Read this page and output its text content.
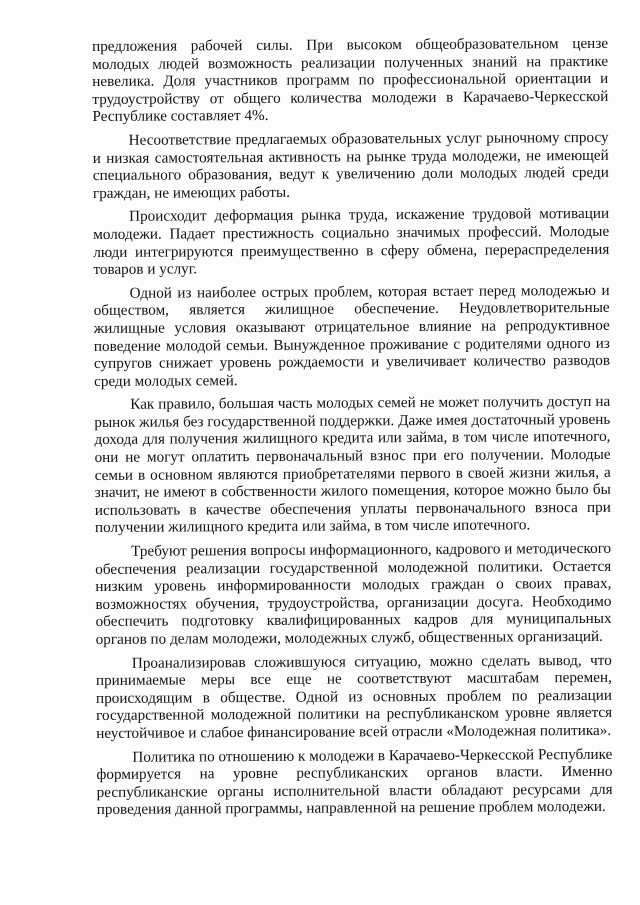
предложения рабочей силы. При высоком общеобразовательном цензе молодых людей возможность реализации полученных знаний на практике невелика. Доля участников программ по профессиональной ориентации и трудоустройству от общего количества молодежи в Карачаево-Черкесской Республике составляет 4%.

Несоответствие предлагаемых образовательных услуг рыночному спросу и низкая самостоятельная активность на рынке труда молодежи, не имеющей специального образования, ведут к увеличению доли молодых людей среди граждан, не имеющих работы.

Происходит деформация рынка труда, искажение трудовой мотивации молодежи. Падает престижность социально значимых профессий. Молодые люди интегрируются преимущественно в сферу обмена, перераспределения товаров и услуг.

Одной из наиболее острых проблем, которая встает перед молодежью и обществом, является жилищное обеспечение. Неудовлетворительные жилищные условия оказывают отрицательное влияние на репродуктивное поведение молодой семьи. Вынужденное проживание с родителями одного из супругов снижает уровень рождаемости и увеличивает количество разводов среди молодых семей.

Как правило, большая часть молодых семей не может получить доступ на рынок жилья без государственной поддержки. Даже имея достаточный уровень дохода для получения жилищного кредита или займа, в том числе ипотечного, они не могут оплатить первоначальный взнос при его получении. Молодые семьи в основном являются приобретателями первого в своей жизни жилья, а значит, не имеют в собственности жилого помещения, которое можно было бы использовать в качестве обеспечения уплаты первоначального взноса при получении жилищного кредита или займа, в том числе ипотечного.

Требуют решения вопросы информационного, кадрового и методического обеспечения реализации государственной молодежной политики. Остается низким уровень информированности молодых граждан о своих правах, возможностях обучения, трудоустройства, организации досуга. Необходимо обеспечить подготовку квалифицированных кадров для муниципальных органов по делам молодежи, молодежных служб, общественных организаций.

Проанализировав сложившуюся ситуацию, можно сделать вывод, что принимаемые меры все еще не соответствуют масштабам перемен, происходящим в обществе. Одной из основных проблем по реализации государственной молодежной политики на республиканском уровне является неустойчивое и слабое финансирование всей отрасли «Молодежная политика».

Политика по отношению к молодежи в Карачаево-Черкесской Республике формируется на уровне республиканских органов власти. Именно республиканские органы исполнительной власти обладают ресурсами для проведения данной программы, направленной на решение проблем молодежи.
